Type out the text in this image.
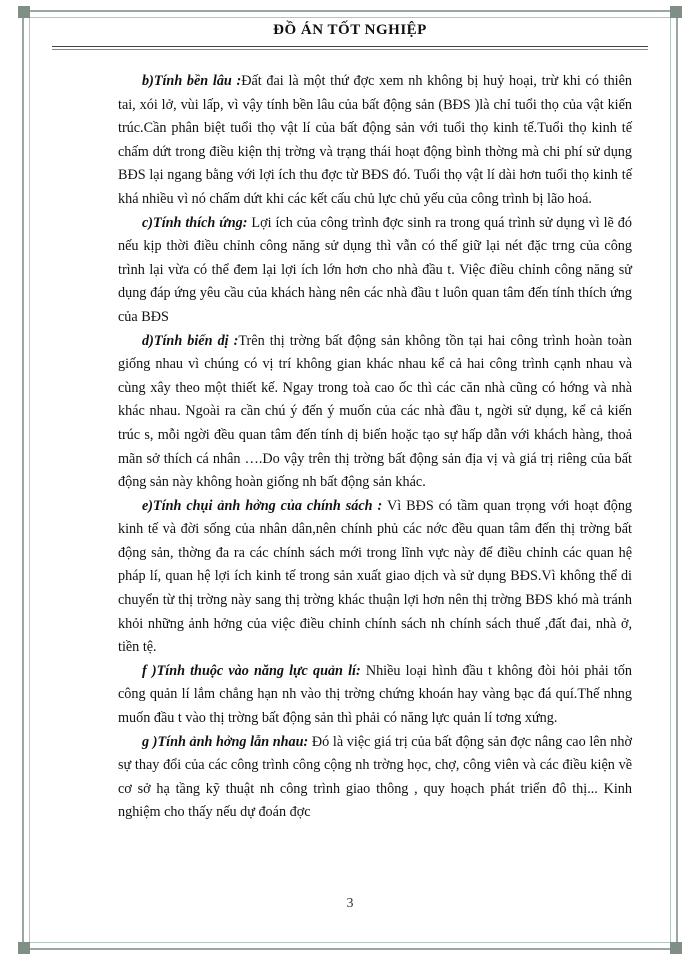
ĐỒ ÁN TỐT NGHIỆP

b)Tính bền lâu :Đất đai là một thứ đợc xem nh không bị huỷ hoại, trừ khi có thiên tai, xói lở, vùi lấp, vì vậy tính bền lâu của bất động sản (BĐS )là chỉ tuổi thọ của vật kiến trúc.Cần phân biệt tuổi thọ vật lí của bất động sản với tuổi thọ kinh tế.Tuổi thọ kinh tế chấm dứt trong điều kiện thị trờng và trạng thái hoạt động bình thờng mà chi phí sử dụng BĐS lại ngang bằng với lợi ích thu đợc từ BĐS đó. Tuổi thọ vật lí dài hơn tuổi thọ kinh tế khá nhiều vì nó chấm dứt khi các kết cấu chủ lực chủ yếu của công trình bị lão hoá.

c)Tính thích ứng: Lợi ích của công trình đợc sinh ra trong quá trình sử dụng vì lẽ đó nếu kịp thời điều chỉnh công năng sử dụng thì vẫn có thể giữ lại nét đặc trng của công trình lại vừa có thể đem lại lợi ích lớn hơn cho nhà đầu t. Việc điều chỉnh công năng sử dụng đáp ứng yêu cầu của khách hàng nên các nhà đầu t luôn quan tâm đến tính thích ứng của BĐS

d)Tính biến dị :Trên thị trờng bất động sản không tồn tại hai công trình hoàn toàn giống nhau vì chúng có vị trí không gian khác nhau kể cả hai công trình cạnh nhau và cùng xây theo một thiết kế. Ngay trong toà cao ốc thì các căn nhà cũng có hớng và nhà khác nhau. Ngoài ra cần chú ý đến ý muốn của các nhà đầu t, ngời sử dụng, kể cả kiến trúc s, mỗi ngời đều quan tâm đến tính dị biến hoặc tạo sự hấp dẫn với khách hàng, thoả mãn sở thích cá nhân ….Do vậy trên thị trờng bất động sản địa vị và giá trị riêng của bất động sản này không hoàn giống nh bất động sản khác.

e)Tính chụi ảnh hởng của chính sách : Vì BĐS có tầm quan trọng với hoạt động kinh tế và đời sống của nhân dân,nên chính phủ các nớc đều quan tâm đến thị trờng bất động sản, thờng đa ra các chính sách mới trong lĩnh vực này để điều chỉnh các quan hệ pháp lí, quan hệ lợi ích kinh tế trong sản xuất giao dịch và sử dụng BĐS.Vì không thể di chuyển từ thị trờng này sang thị trờng khác thuận lợi hơn nên thị trờng BĐS khó mà tránh khỏi những ảnh hởng của việc điều chỉnh chính sách nh chính sách thuế ,đất đai, nhà ở, tiền tệ.

f )Tính thuộc vào năng lực quản lí: Nhiều loại hình đầu t không đòi hỏi phải tốn công quản lí lắm chẳng hạn nh vào thị trờng chứng khoán hay vàng bạc đá quí.Thế nhng muốn đầu t vào thị trờng bất động sản thì phải có năng lực quản lí tơng xứng.

g )Tính ảnh hởng lẫn nhau: Đó là việc giá trị của bất động sản đợc nâng cao lên nhờ sự thay đổi của các công trình công cộng nh trờng học, chợ, công viên và các điều kiện về cơ sở hạ tầng kỹ thuật nh công trình giao thông , quy hoạch phát triển đô thị... Kinh nghiệm cho thấy nếu dự đoán đợc

3
